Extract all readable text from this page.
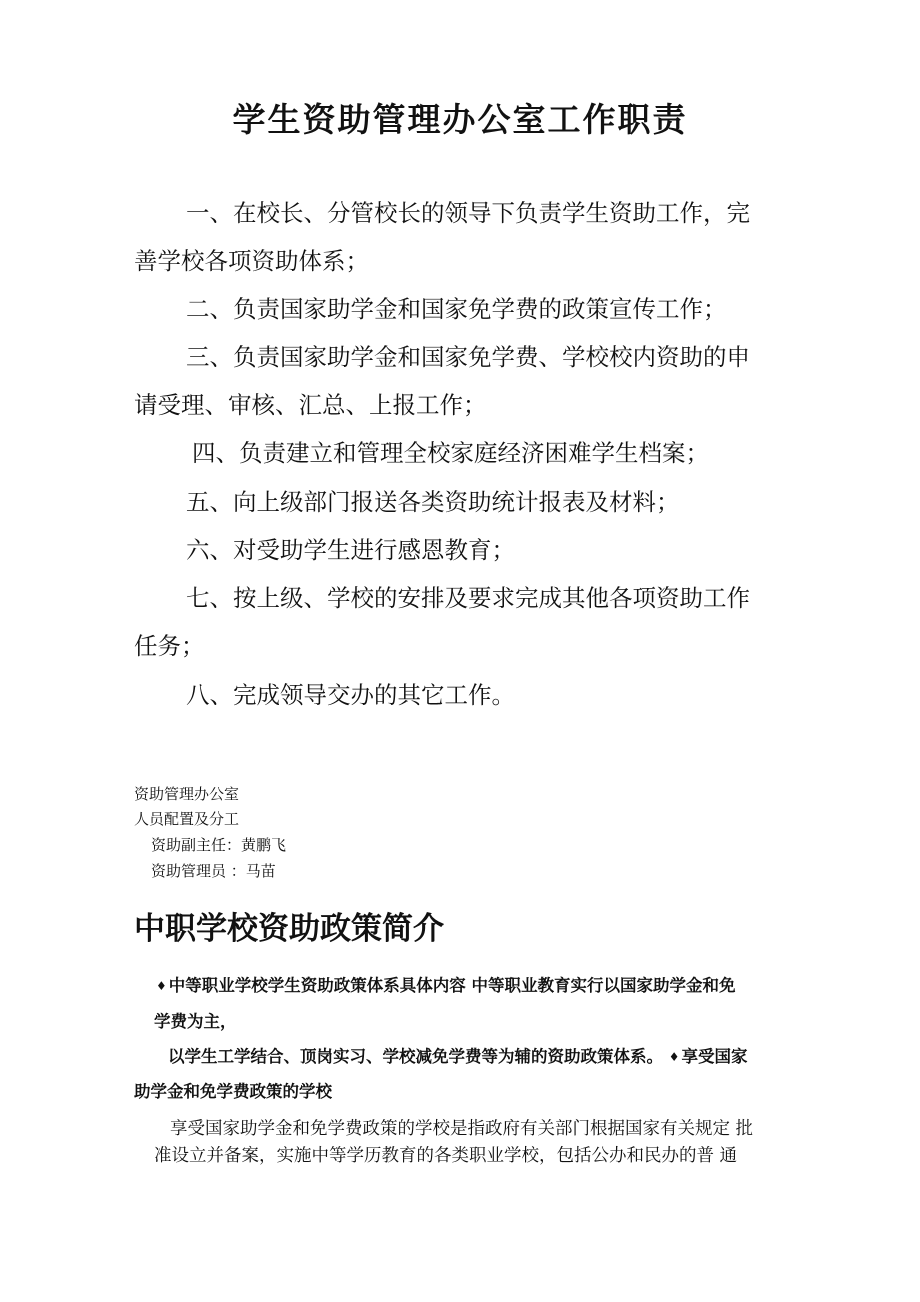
学生资助管理办公室工作职责

一、在校长、分管校长的领导下负责学生资助工作，完

善学校各项资助体系；

二、负责国家助学金和国家免学费的政策宣传工作；

三、负责国家助学金和国家免学费、学校校内资助的申

请受理、审核、汇总、上报工作；

四、负责建立和管理全校家庭经济困难学生档案；

五、向上级部门报送各类资助统计报表及材料；

六、对受助学生进行感恩教育；

七、按上级、学校的安排及要求完成其他各项资助工作

任务；

八、完成领导交办的其它工作。

资助管理办公室

人员配置及分工

资助副主任：黄鹏飞

资助管理员 ：马苗

中职学校资助政策简介

♦ 中等职业学校学生资助政策体系具体内容 中等职业教育实行以国家助学金和免

学费为主，

以学生工学结合、顶岗实习、学校减免学费等为辅的资助政策体系。 ♦ 享受国家

助学金和免学费政策的学校

享受国家助学金和免学费政策的学校是指政府有关部门根据国家有关规定 批

准设立并备案，实施中等学历教育的各类职业学校，包括公办和民办的普 通
